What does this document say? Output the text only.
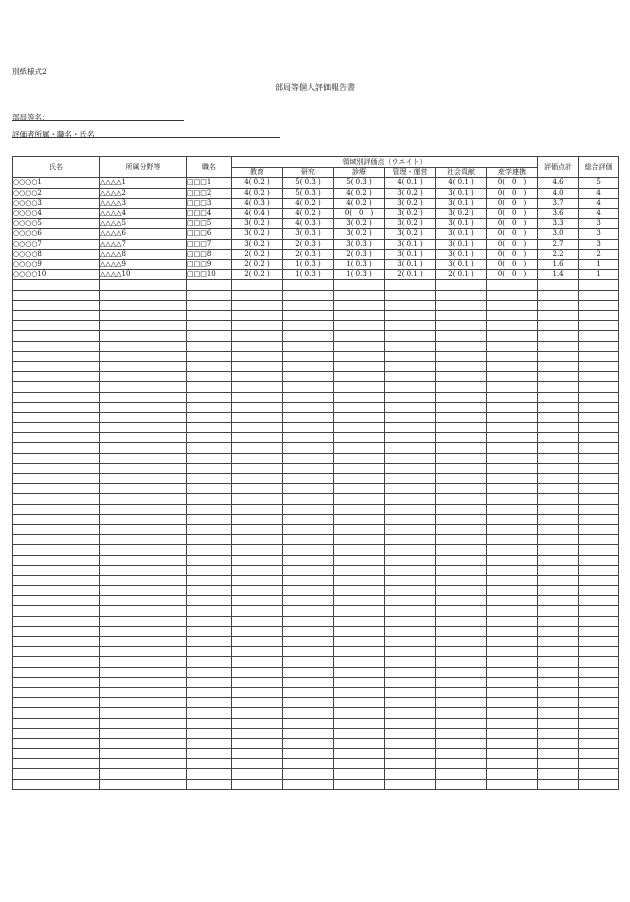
別紙様式2
部局等個人評価報告書
部局等名：
評価者所属・職名・氏名
氏名	所属分野等	職名	領域別評価点（ウエイト）						評価点計	総合評価
			教育	研究	診療	管理・運営	社会貢献	産学連携		
○○○○1	△△△△1	□□□1	4( 0.2 )	5( 0.3 )	5( 0.3 )	4( 0.1 )	4( 0.1 )	0(　0　)	4.6	5
○○○○2	△△△△2	□□□2	4( 0.2 )	5( 0.3 )	4( 0.2 )	3( 0.2 )	3( 0.1 )	0(　0　)	4.0	4
○○○○3	△△△△3	□□□3	4( 0.3 )	4( 0.2 )	4( 0.2 )	3( 0.2 )	3( 0.1 )	0(　0　)	3.7	4
○○○○4	△△△△4	□□□4	4( 0.4 )	4( 0.2 )	0(　0　)	3( 0.2 )	3( 0.2 )	0(　0　)	3.6	4
○○○○5	△△△△5	□□□5	3( 0.2 )	4( 0.3 )	3( 0.2 )	3( 0.2 )	3( 0.1 )	0(　0　)	3.3	3
○○○○6	△△△△6	□□□6	3( 0.2 )	3( 0.3 )	3( 0.2 )	3( 0.2 )	3( 0.1 )	0(　0　)	3.0	3
○○○○7	△△△△7	□□□7	3( 0.2 )	2( 0.3 )	3( 0.3 )	3( 0.1 )	3( 0.1 )	0(　0　)	2.7	3
○○○○8	△△△△8	□□□8	2( 0.2 )	2( 0.3 )	2( 0.3 )	3( 0.1 )	3( 0.1 )	0(　0　)	2.2	2
○○○○9	△△△△9	□□□9	2( 0.2 )	1( 0.3 )	1( 0.3 )	3( 0.1 )	3( 0.1 )	0(　0　)	1.6	1
○○○○10	△△△△10	□□□10	2( 0.2 )	1( 0.3 )	1( 0.3 )	2( 0.1 )	2( 0.1 )	0(　0　)	1.4	1
